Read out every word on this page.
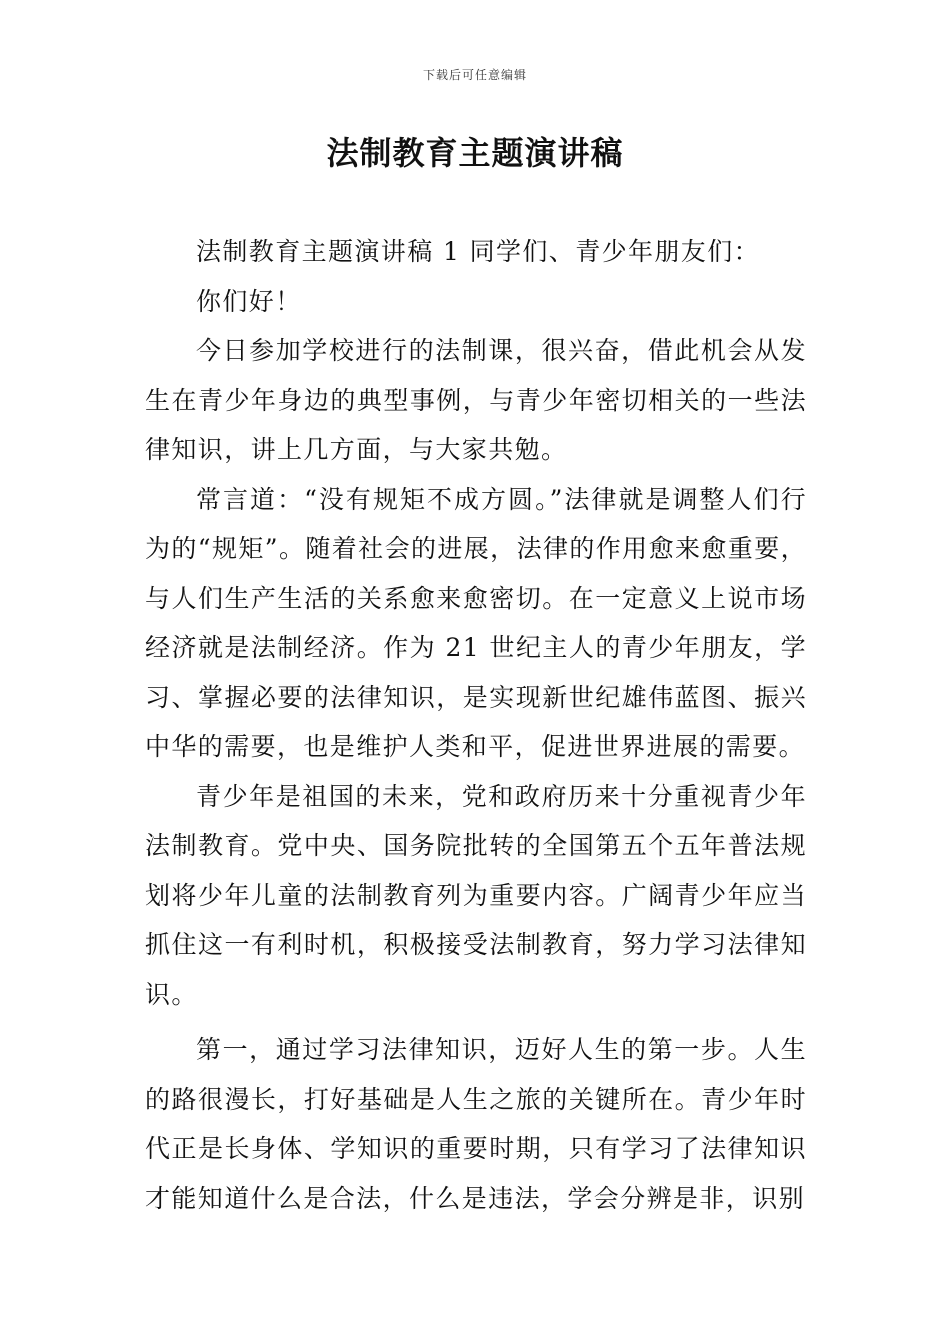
下载后可任意编辑
法制教育主题演讲稿

法制教育主题演讲稿 1 同学们、青少年朋友们：

你们好！

今日参加学校进行的法制课，很兴奋，借此机会从发生在青少年身边的典型事例，与青少年密切相关的一些法律知识，讲上几方面，与大家共勉。

常言道：“没有规矩不成方圆。”法律就是调整人们行为的“规矩”。随着社会的进展，法律的作用愈来愈重要，与人们生产生活的关系愈来愈密切。在一定意义上说市场经济就是法制经济。作为 21 世纪主人的青少年朋友，学习、掌握必要的法律知识，是实现新世纪雄伟蓝图、振兴中华的需要，也是维护人类和平，促进世界进展的需要。

青少年是祖国的未来，党和政府历来十分重视青少年法制教育。党中央、国务院批转的全国第五个五年普法规划将少年儿童的法制教育列为重要内容。广阔青少年应当抓住这一有利时机，积极接受法制教育，努力学习法律知识。

第一，通过学习法律知识，迈好人生的第一步。人生的路很漫长，打好基础是人生之旅的关键所在。青少年时代正是长身体、学知识的重要时期，只有学习了法律知识才能知道什么是合法，什么是违法，学会分辨是非，识别
